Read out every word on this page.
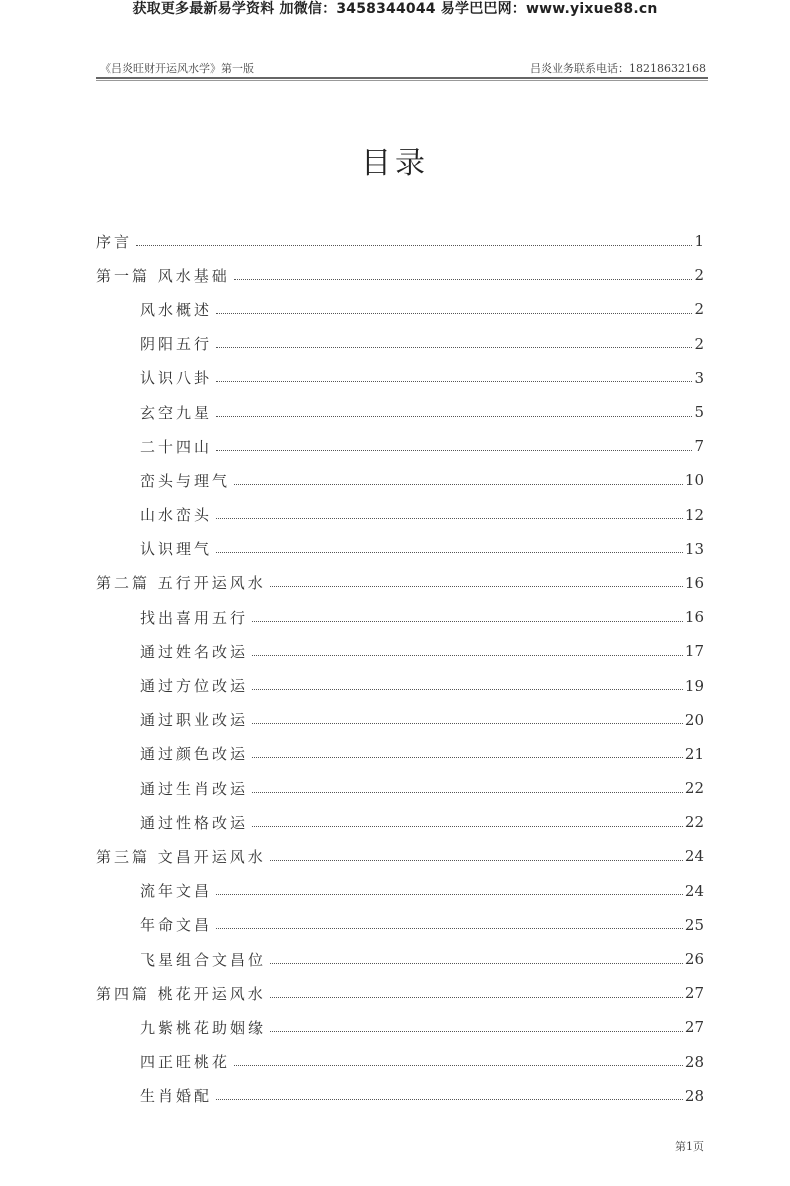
获取更多最新易学资料 加微信：3458344044 易学巴巴网：www.yixue88.cn
《吕炎旺财开运风水学》第一版	吕炎业务联系电话：18218632168
目录
序言	1
第一篇 风水基础	2
风水概述	2
阴阳五行	2
认识八卦	3
玄空九星	5
二十四山	7
峦头与理气	10
山水峦头	12
认识理气	13
第二篇 五行开运风水	16
找出喜用五行	16
通过姓名改运	17
通过方位改运	19
通过职业改运	20
通过颜色改运	21
通过生肖改运	22
通过性格改运	22
第三篇 文昌开运风水	24
流年文昌	24
年命文昌	25
飞星组合文昌位	26
第四篇 桃花开运风水	27
九紫桃花助姻缘	27
四正旺桃花	28
生肖婚配	28
第1页
